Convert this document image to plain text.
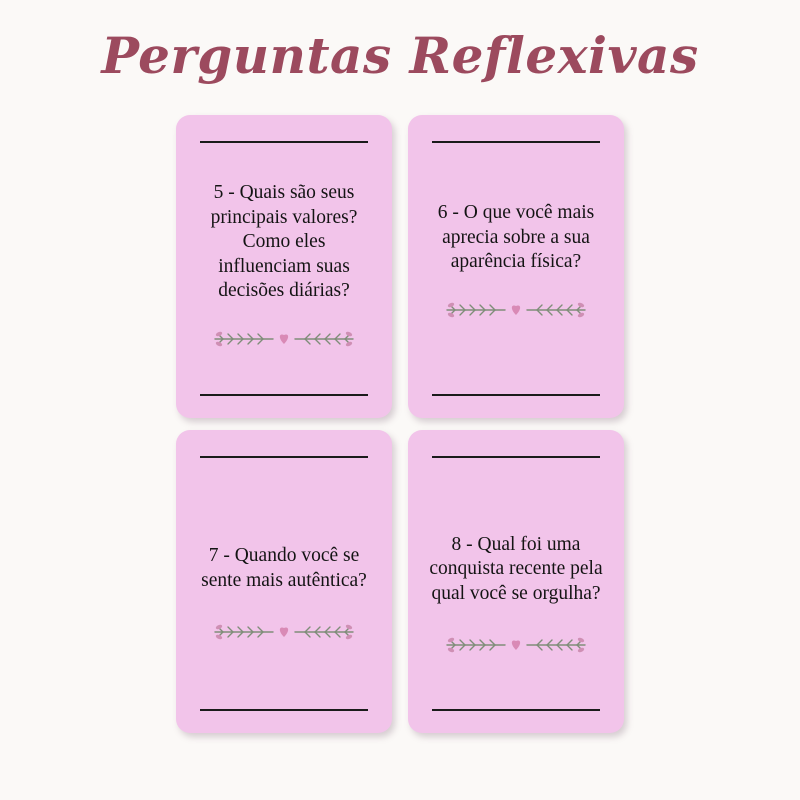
Perguntas Reflexivas

5 - Quais são seus principais valores? Como eles influenciam suas decisões diárias?

6 - O que você mais aprecia sobre a sua aparência física?

7 - Quando você se sente mais autêntica?

8 - Qual foi uma conquista recente pela qual você se orgulha?
